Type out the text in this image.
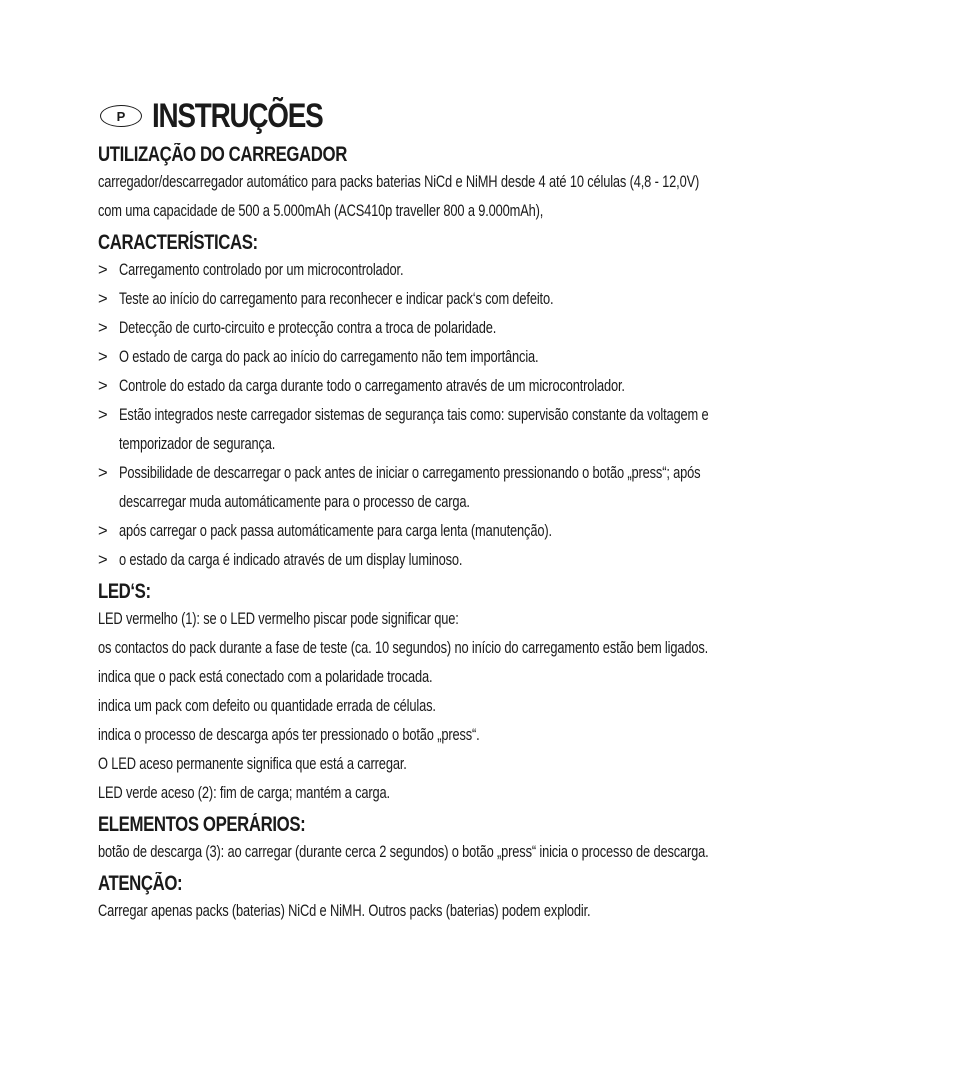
P INSTRUÇÕES
UTILIZAÇÃO DO CARREGADOR
carregador/descarregador automático para packs baterias NiCd e NiMH desde 4 até 10 células (4,8 - 12,0V)
com uma capacidade de 500 a 5.000mAh (ACS410p traveller 800 a 9.000mAh),
CARACTERÍSTICAS:
> Carregamento controlado por um microcontrolador.
> Teste ao início do carregamento para reconhecer e indicar pack‘s com defeito.
> Detecção de curto-circuito e protecção contra a troca de polaridade.
> O estado de carga do pack ao início do carregamento não tem importância.
> Controle do estado da carga durante todo o carregamento através de um microcontrolador.
> Estão integrados neste carregador sistemas de segurança tais como: supervisão constante da voltagem e
temporizador de segurança.
> Possibilidade de descarregar o pack antes de iniciar o carregamento pressionando o botão „press“; após
descarregar muda automáticamente para o processo de carga.
> após carregar o pack passa automáticamente para carga lenta (manutenção).
> o estado da carga é indicado através de um display luminoso.
LED‘S:
LED vermelho (1): se o LED vermelho piscar pode significar que:
os contactos do pack durante a fase de teste (ca. 10 segundos) no início do carregamento estão bem ligados.
indica que o pack está conectado com a polaridade trocada.
indica um pack com defeito ou quantidade errada de células.
indica o processo de descarga após ter pressionado o botão „press“.
O LED aceso permanente significa que está a carregar.
LED verde aceso (2): fim de carga; mantém a carga.
ELEMENTOS OPERÁRIOS:
botão de descarga (3): ao carregar (durante cerca 2 segundos) o botão „press“ inicia o processo de descarga.
ATENÇÃO:
Carregar apenas packs (baterias) NiCd e NiMH. Outros packs (baterias) podem explodir.
